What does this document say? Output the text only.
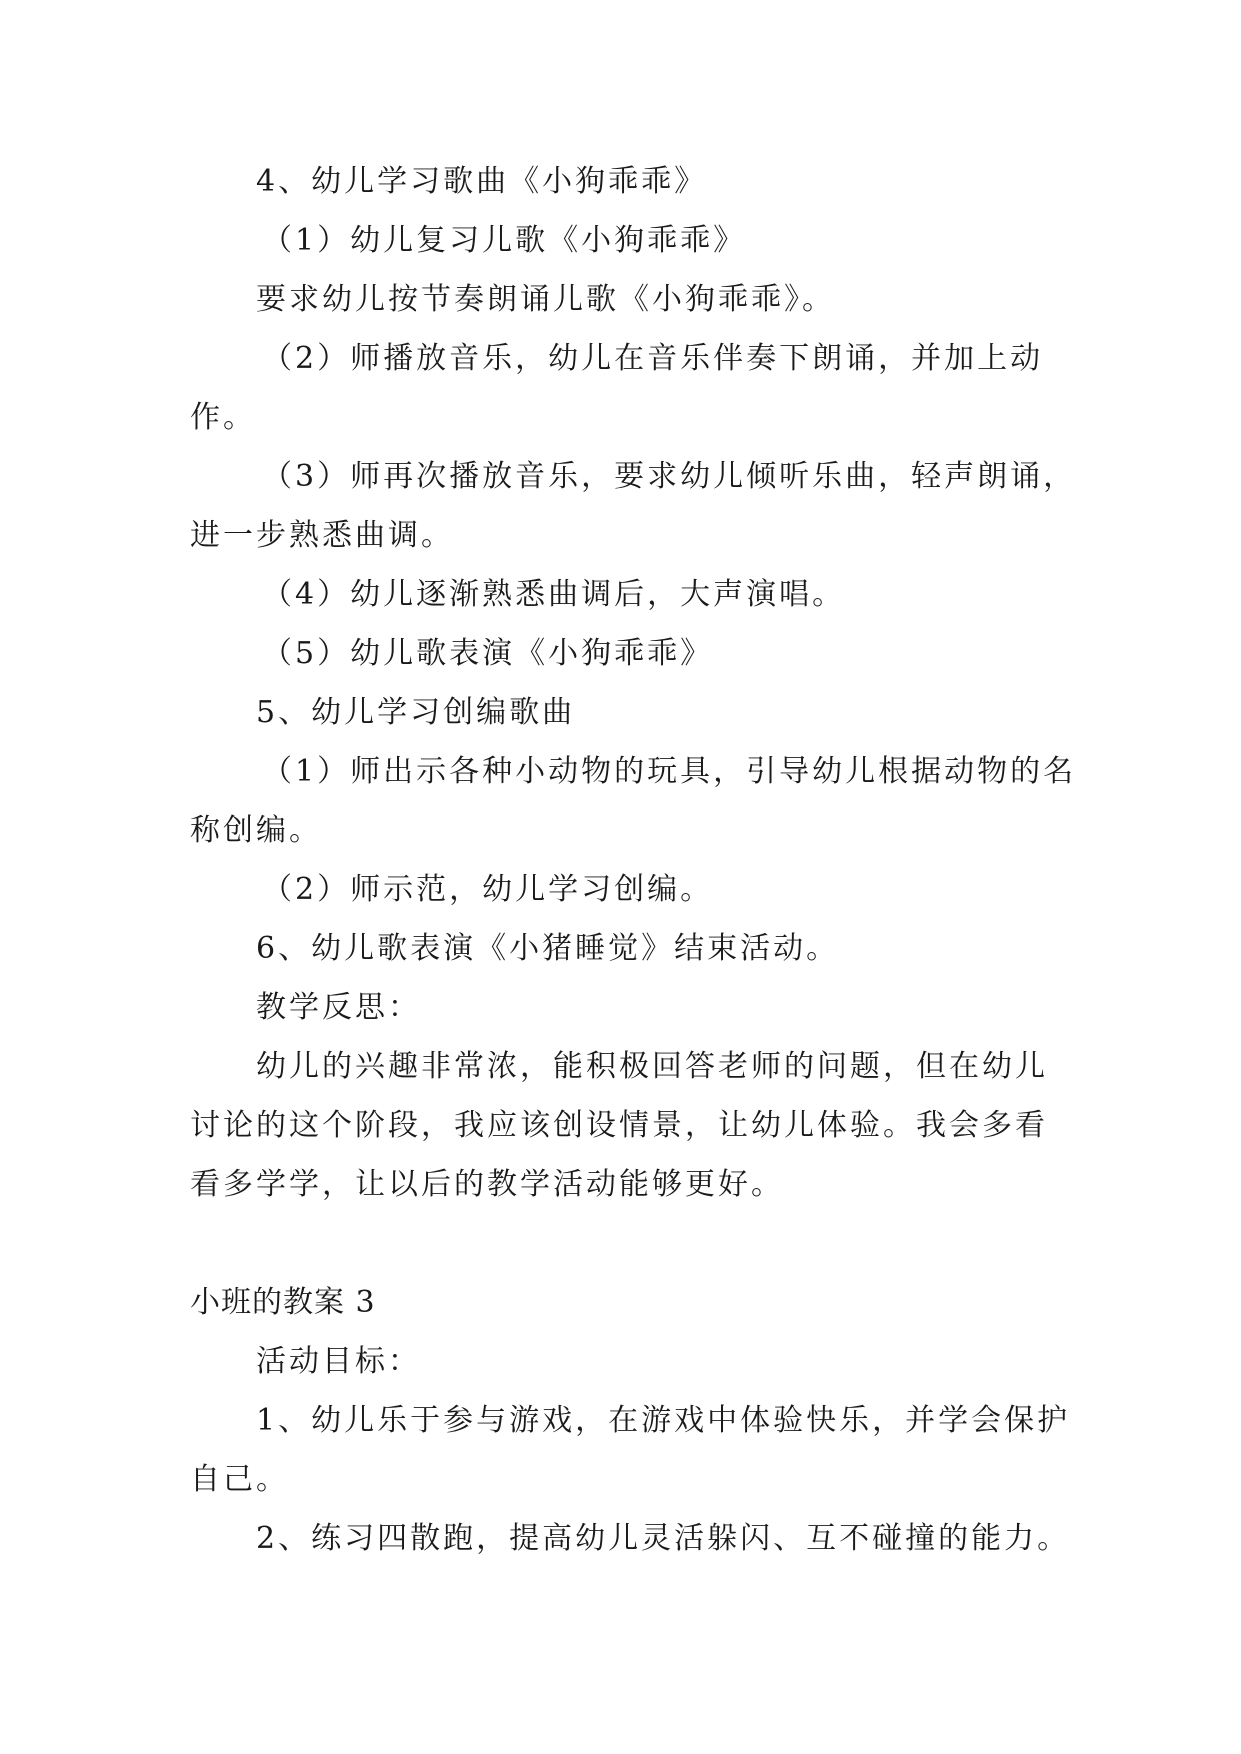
4、幼儿学习歌曲《小狗乖乖》

（1）幼儿复习儿歌《小狗乖乖》

要求幼儿按节奏朗诵儿歌《小狗乖乖》。

（2）师播放音乐，幼儿在音乐伴奏下朗诵，并加上动作。

（3）师再次播放音乐，要求幼儿倾听乐曲，轻声朗诵，进一步熟悉曲调。

（4）幼儿逐渐熟悉曲调后，大声演唱。

（5）幼儿歌表演《小狗乖乖》

5、幼儿学习创编歌曲

（1）师出示各种小动物的玩具，引导幼儿根据动物的名称创编。

（2）师示范，幼儿学习创编。

6、幼儿歌表演《小猪睡觉》结束活动。

教学反思：

幼儿的兴趣非常浓，能积极回答老师的问题，但在幼儿讨论的这个阶段，我应该创设情景，让幼儿体验。我会多看看多学学，让以后的教学活动能够更好。

小班的教案 3

活动目标：

1、幼儿乐于参与游戏，在游戏中体验快乐，并学会保护自己。

2、练习四散跑，提高幼儿灵活躲闪、互不碰撞的能力。
